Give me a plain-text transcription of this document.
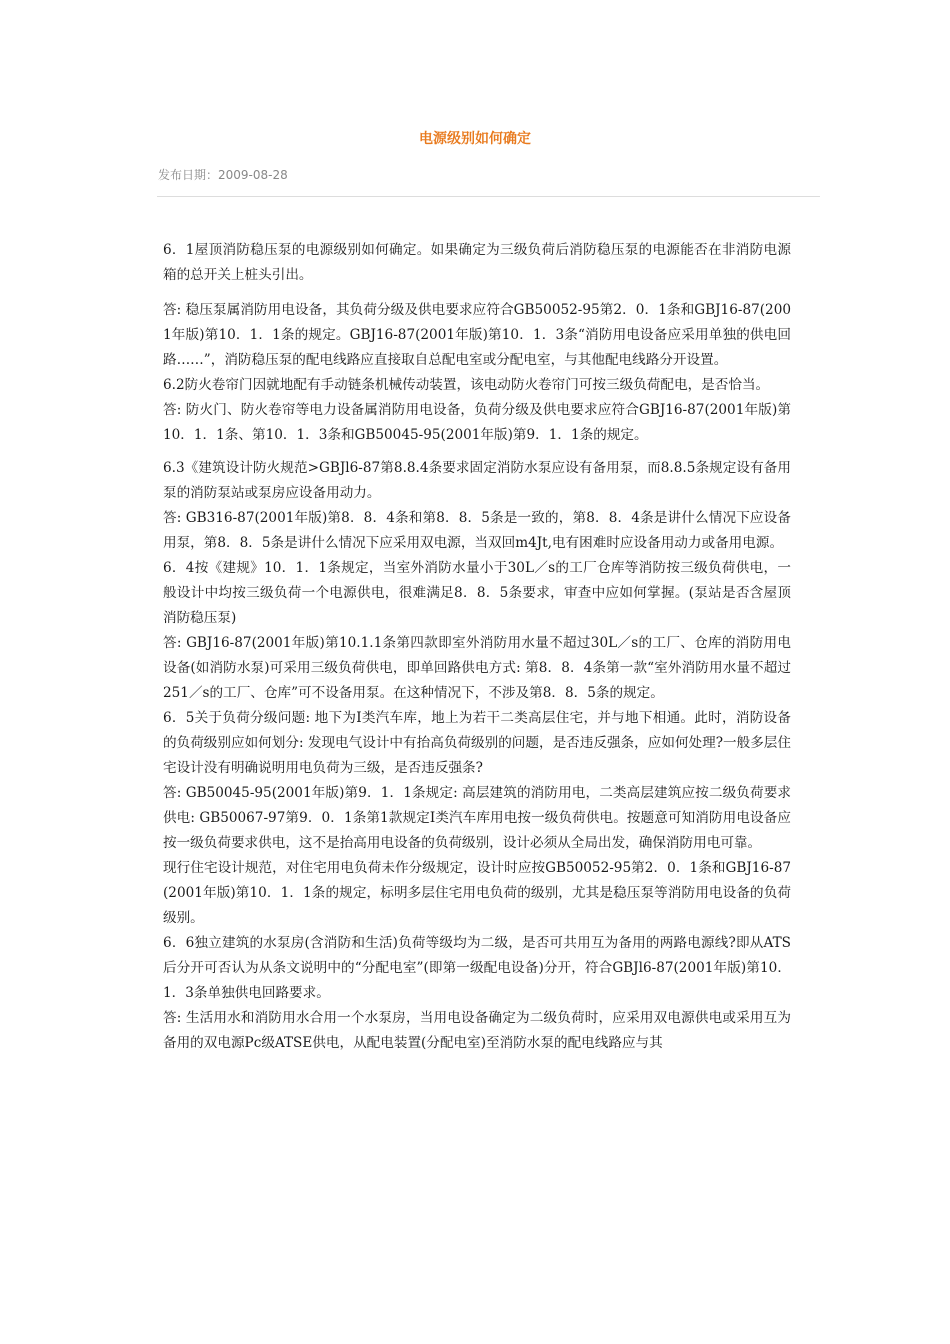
电源级别如何确定
发布日期：2009-08-28

6．1屋顶消防稳压泵的电源级别如何确定。如果确定为三级负荷后消防稳压泵的电源能否在非消防电源箱的总开关上桩头引出。

答: 稳压泵属消防用电设备，其负荷分级及供电要求应符合GB50052-95第2．0．1条和GBJ16-87(2001年版)第10．1．1条的规定。GBJ16-87(2001年版)第10．1．3条“消防用电设备应采用单独的供电回路……”，消防稳压泵的配电线路应直接取自总配电室或分配电室，与其他配电线路分开设置。

6.2防火卷帘门因就地配有手动链条机械传动装置，该电动防火卷帘门可按三级负荷配电，是否恰当。

答: 防火门、防火卷帘等电力设备属消防用电设备，负荷分级及供电要求应符合GBJ16-87(2001年版)第10．1．1条、第10．1．3条和GB50045-95(2001年版)第9．1．1条的规定。

6.3《建筑设计防火规范>GBJl6-87第8.8.4条要求固定消防水泵应设有备用泵，而8.8.5条规定设有备用泵的消防泵站或泵房应设备用动力。

答: GB316-87(2001年版)第8．8．4条和第8．8．5条是一致的，第8．8．4条是讲什么情况下应设备用泵，第8．8．5条是讲什么情况下应采用双电源，当双回m4Jt,电有困难时应设备用动力或备用电源。

6．4按《建规》10．1．1条规定，当室外消防水量小于30L／s的工厂仓库等消防按三级负荷供电，一般设计中均按三级负荷一个电源供电，很难满足8．8．5条要求，审查中应如何掌握。(泵站是否含屋顶消防稳压泵)

答: GBJ16-87(2001年版)第10.1.1条第四款即室外消防用水量不超过30L／s的工厂、仓库的消防用电设备(如消防水泵)可采用三级负荷供电，即单回路供电方式: 第8．8．4条第一款“室外消防用水量不超过251／s的工厂、仓库”可不设备用泵。在这种情况下，不涉及第8．8．5条的规定。

6．5关于负荷分级问题: 地下为I类汽车库，地上为若干二类高层住宅，并与地下相通。此时，消防设备的负荷级别应如何划分: 发现电气设计中有抬高负荷级别的问题，是否违反强条，应如何处理?一般多层住宅设计没有明确说明用电负荷为三级，是否违反强条?

答: GB50045-95(2001年版)第9．1．1条规定: 高层建筑的消防用电，二类高层建筑应按二级负荷要求供电: GB50067-97第9．0．1条第1款规定I类汽车库用电按一级负荷供电。按题意可知消防用电设备应按一级负荷要求供电，这不是抬高用电设备的负荷级别，设计必须从全局出发，确保消防用电可靠。

现行住宅设计规范，对住宅用电负荷未作分级规定，设计时应按GB50052-95第2．0．1条和GBJ16-87(2001年版)第10．1．1条的规定，标明多层住宅用电负荷的级别，尤其是稳压泵等消防用电设备的负荷级别。

6．6独立建筑的水泵房(含消防和生活)负荷等级均为二级，是否可共用互为备用的两路电源线?即从ATS后分开可否认为从条文说明中的“分配电室”(即第一级配电设备)分开，符合GBJl6-87(2001年版)第10．1．3条单独供电回路要求。

答: 生活用水和消防用水合用一个水泵房，当用电设备确定为二级负荷时，应采用双电源供电或采用互为备用的双电源Pc级ATSE供电，从配电装置(分配电室)至消防水泵的配电线路应与其
